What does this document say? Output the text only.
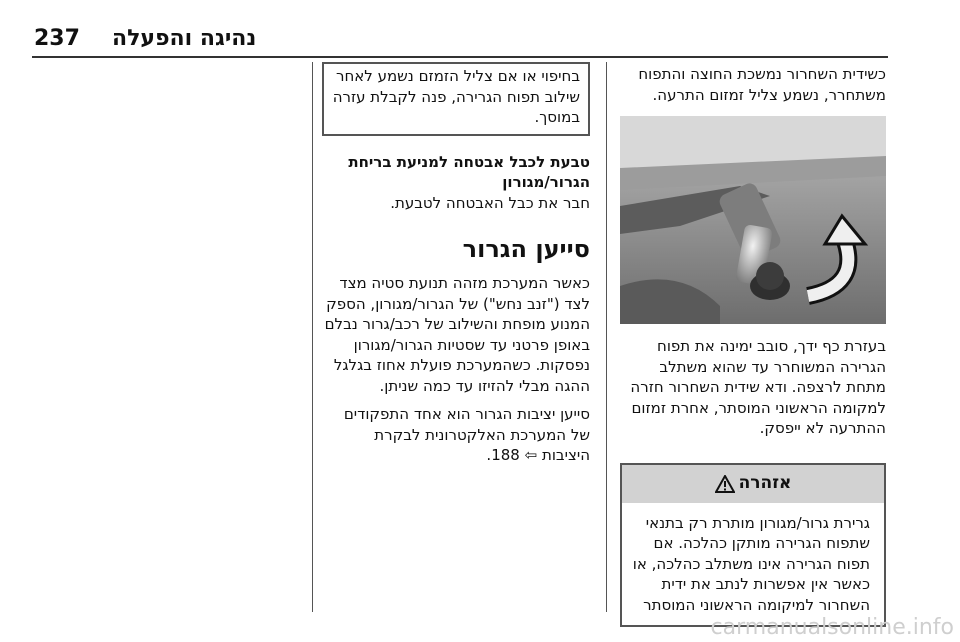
237 נהיגה והפעלה

כשידית השחרור נמשכת החוצה והתפוח משתחרר, נשמע צליל זמזום התרעה.

בעזרת כף ידך, סובב ימינה את תפוח הגרירה המשוחרר עד שהוא משתלב מתחת לרצפה. ודא שידית השחרור חזרה למקומה הראשוני המוסתר, אחרת זמזום ההתרעה לא ייפסק.

אזהרה

גרירת גרור/מגורון מותרת רק בתנאי שתפוח הגרירה מותקן כהלכה. אם תפוח הגרירה אינו משתלב כהלכה, או כאשר אין אפשרות לנתב את ידית השחרור למיקומה הראשוני המוסתר

בחיפוי או אם צליל הזמזם נשמע לאחר שילוב תפוח הגרירה, פנה לקבלת עזרה במוסך.

טבעת לכבל אבטחה למניעת בריחת הגרור/מגורון

חבר את כבל האבטחה לטבעת.

סייען הגרור

כאשר המערכת מזהה תנועת סטיה מצד לצד ("זנב נחש") של הגרור/מגורון, הספק המנוע מופחת והשילוב של רכב/גרור נבלם באופן פרטני עד שסטיות הגרור/מגורון נפסקות. כשהמערכת פועלת אחוז בגלגל ההגה מבלי להזיזו עד כמה שניתן.

סייען יציבות הגרור הוא אחד התפקודים של המערכת האלקטרונית לבקרת היציבות ⇦ 188.

carmanualsonline.info
